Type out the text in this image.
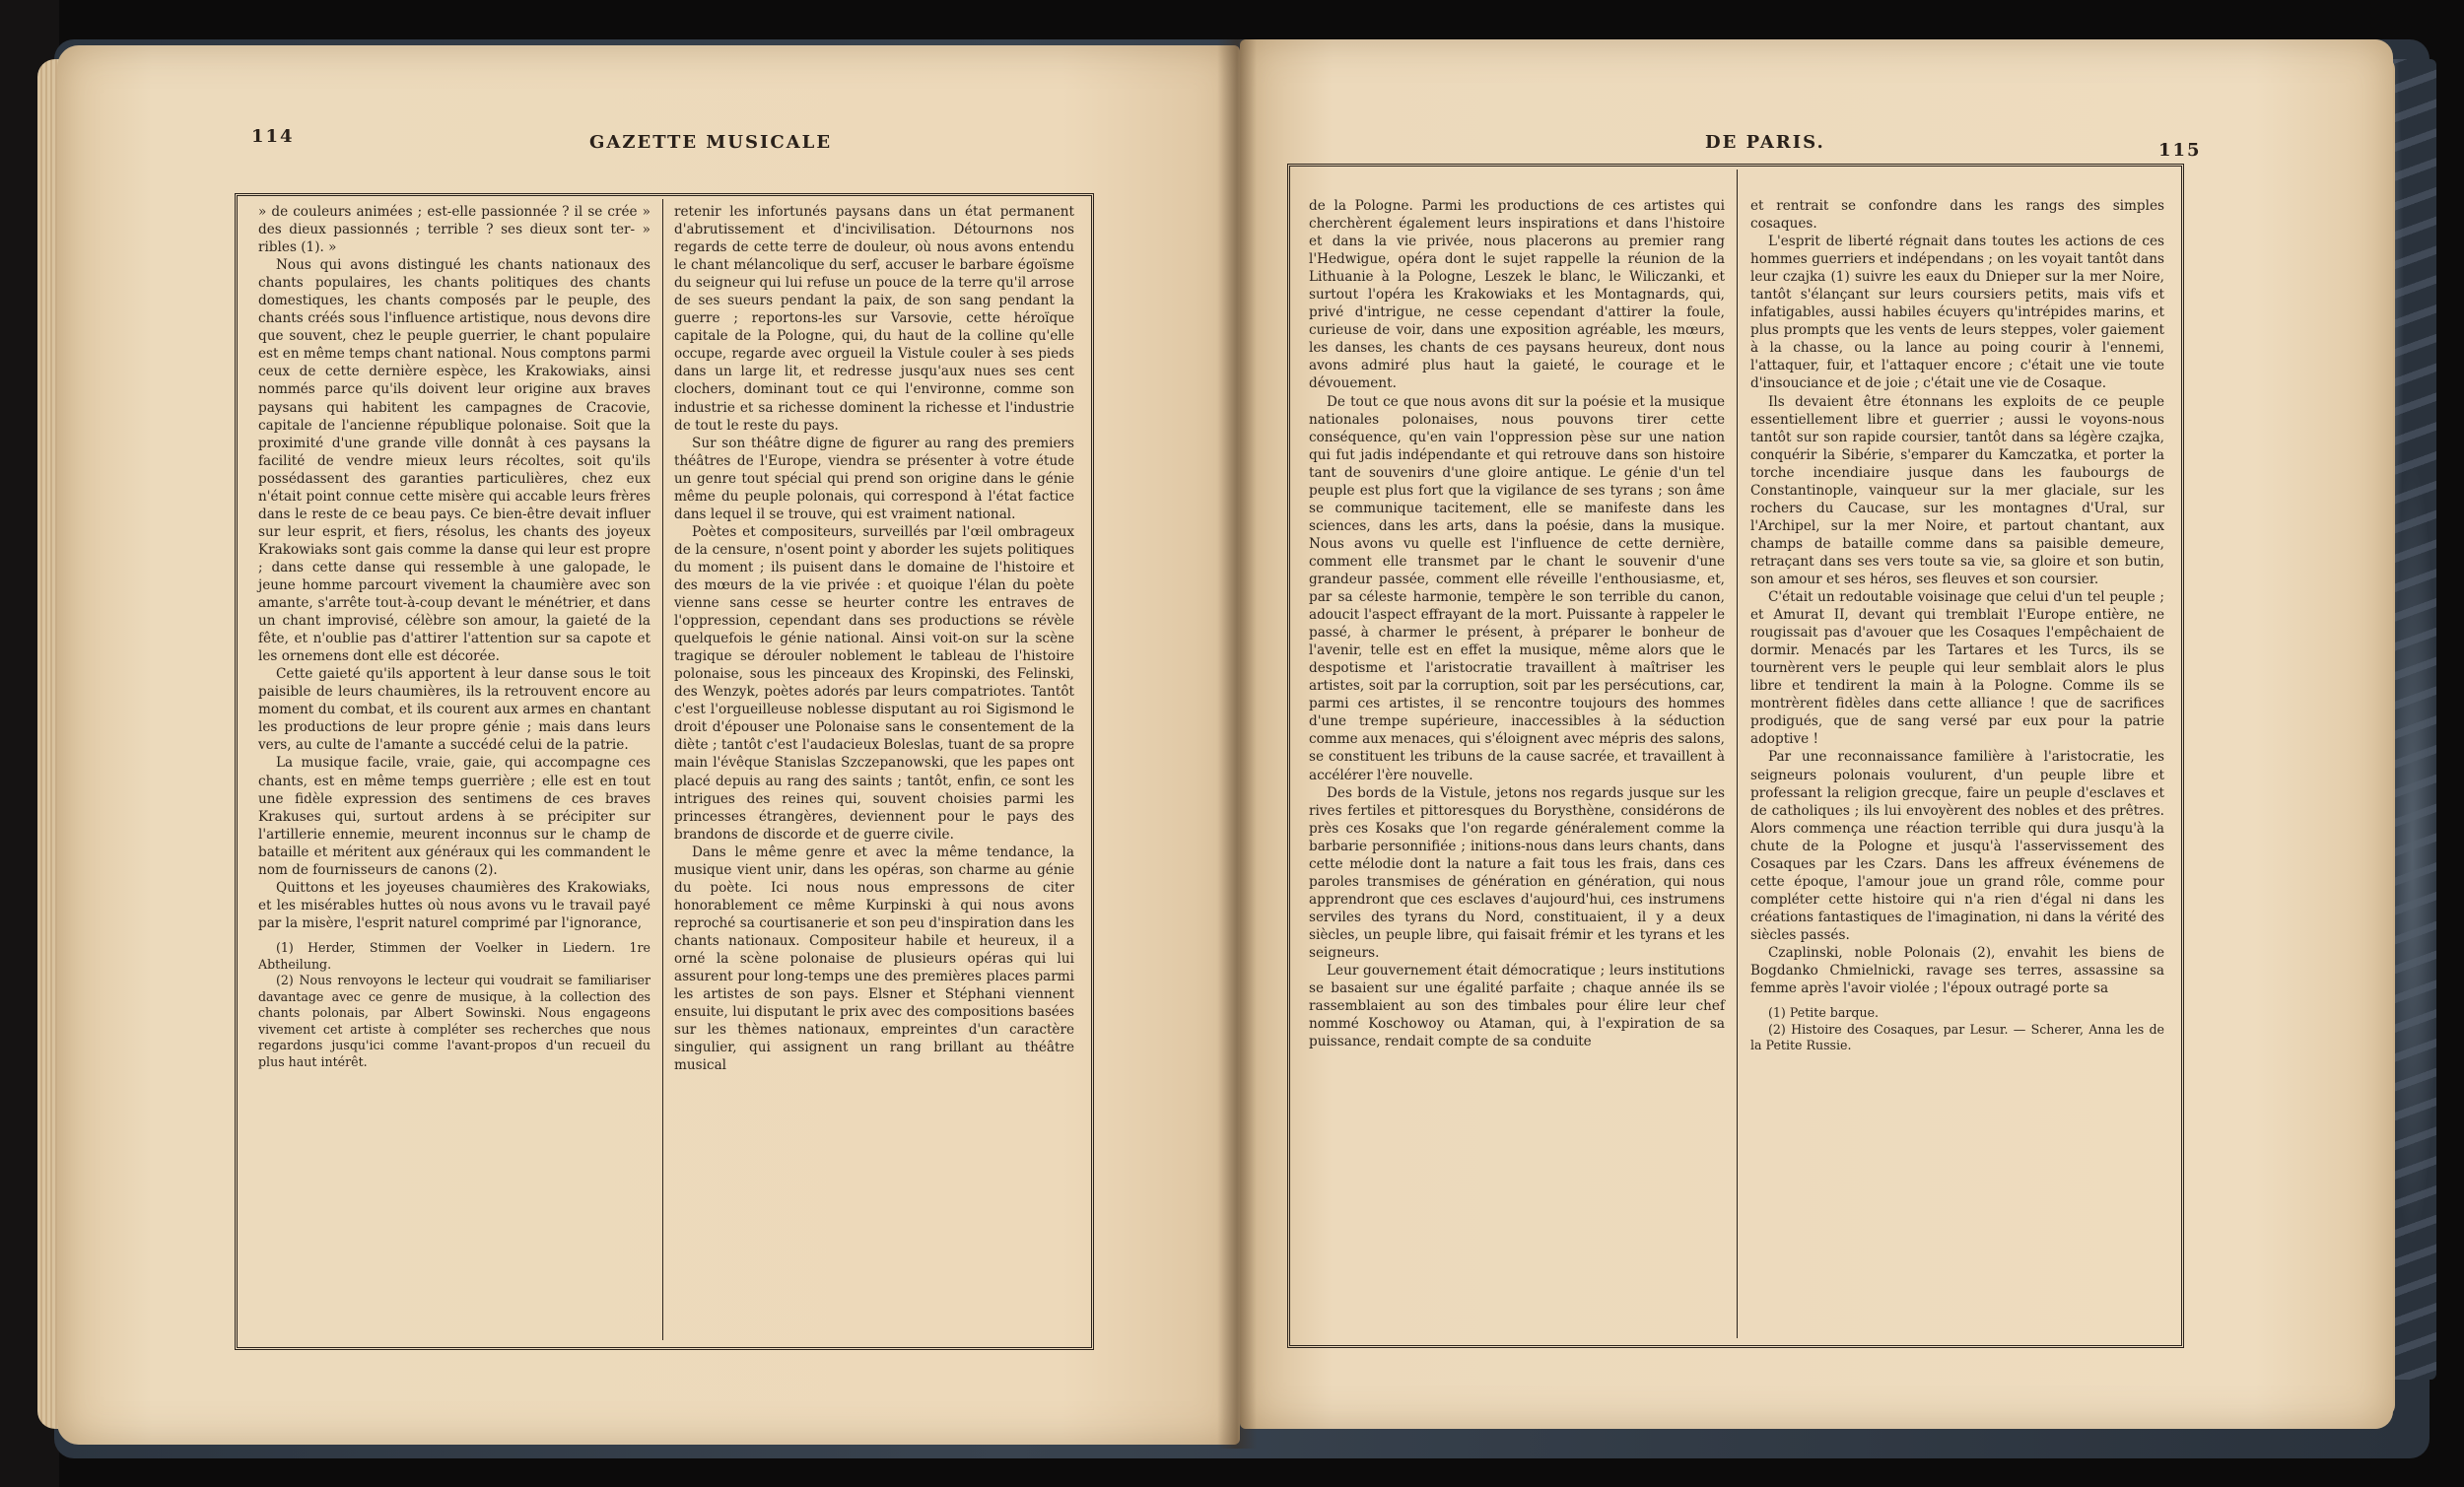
114	GAZETTE MUSICALE

» de couleurs animées ; est-elle passionnée ? il se crée » des dieux passionnés ; terrible ? ses dieux sont ter- » ribles (1). »

Nous qui avons distingué les chants nationaux des chants populaires, les chants politiques des chants domestiques, les chants composés par le peuple, des chants créés sous l'influence artistique, nous devons dire que souvent, chez le peuple guerrier, le chant populaire est en même temps chant national. Nous comptons parmi ceux de cette dernière espèce, les Krakowiaks, ainsi nommés parce qu'ils doivent leur origine aux braves paysans qui habitent les campagnes de Cracovie, capitale de l'ancienne république polonaise. Soit que la proximité d'une grande ville donnât à ces paysans la facilité de vendre mieux leurs récoltes, soit qu'ils possédassent des garanties particulières, chez eux n'était point connue cette misère qui accable leurs frères dans le reste de ce beau pays. Ce bien-être devait influer sur leur esprit, et fiers, résolus, les chants des joyeux Krakowiaks sont gais comme la danse qui leur est propre ; dans cette danse qui ressemble à une galopade, le jeune homme parcourt vivement la chaumière avec son amante, s'arrête tout-à-coup devant le ménétrier, et dans un chant improvisé, célèbre son amour, la gaieté de la fête, et n'oublie pas d'attirer l'attention sur sa capote et les ornemens dont elle est décorée.

Cette gaieté qu'ils apportent à leur danse sous le toit paisible de leurs chaumières, ils la retrouvent encore au moment du combat, et ils courent aux armes en chantant les productions de leur propre génie ; mais dans leurs vers, au culte de l'amante a succédé celui de la patrie.

La musique facile, vraie, gaie, qui accompagne ces chants, est en même temps guerrière ; elle est en tout une fidèle expression des sentimens de ces braves Krakuses qui, surtout ardens à se précipiter sur l'artillerie ennemie, meurent inconnus sur le champ de bataille et méritent aux généraux qui les commandent le nom de fournisseurs de canons (2).

Quittons et les joyeuses chaumières des Krakowiaks, et les misérables huttes où nous avons vu le travail payé par la misère, l'esprit naturel comprimé par l'ignorance,

(1) Herder, Stimmen der Voelker in Liedern. 1re Abtheilung.

(2) Nous renvoyons le lecteur qui voudrait se familiariser davantage avec ce genre de musique, à la collection des chants polonais, par Albert Sowinski. Nous engageons vivement cet artiste à compléter ses recherches que nous regardons jusqu'ici comme l'avant-propos d'un recueil du plus haut intérêt.

retenir les infortunés paysans dans un état permanent d'abrutissement et d'incivilisation. Détournons nos regards de cette terre de douleur, où nous avons entendu le chant mélancolique du serf, accuser le barbare égoïsme du seigneur qui lui refuse un pouce de la terre qu'il arrose de ses sueurs pendant la paix, de son sang pendant la guerre ; reportons-les sur Varsovie, cette héroïque capitale de la Pologne, qui, du haut de la colline qu'elle occupe, regarde avec orgueil la Vistule couler à ses pieds dans un large lit, et redresse jusqu'aux nues ses cent clochers, dominant tout ce qui l'environne, comme son industrie et sa richesse dominent la richesse et l'industrie de tout le reste du pays.

Sur son théâtre digne de figurer au rang des premiers théâtres de l'Europe, viendra se présenter à votre étude un genre tout spécial qui prend son origine dans le génie même du peuple polonais, qui correspond à l'état factice dans lequel il se trouve, qui est vraiment national.

Poètes et compositeurs, surveillés par l'œil ombrageux de la censure, n'osent point y aborder les sujets politiques du moment ; ils puisent dans le domaine de l'histoire et des mœurs de la vie privée : et quoique l'élan du poète vienne sans cesse se heurter contre les entraves de l'oppression, cependant dans ses productions se révèle quelquefois le génie national. Ainsi voit-on sur la scène tragique se dérouler noblement le tableau de l'histoire polonaise, sous les pinceaux des Kropinski, des Felinski, des Wenzyk, poètes adorés par leurs compatriotes. Tantôt c'est l'orgueilleuse noblesse disputant au roi Sigismond le droit d'épouser une Polonaise sans le consentement de la diète ; tantôt c'est l'audacieux Boleslas, tuant de sa propre main l'évêque Stanislas Szczepanowski, que les papes ont placé depuis au rang des saints ; tantôt, enfin, ce sont les intrigues des reines qui, souvent choisies parmi les princesses étrangères, deviennent pour le pays des brandons de discorde et de guerre civile.

Dans le même genre et avec la même tendance, la musique vient unir, dans les opéras, son charme au génie du poète. Ici nous nous empressons de citer honorablement ce même Kurpinski à qui nous avons reproché sa courtisanerie et son peu d'inspiration dans les chants nationaux. Compositeur habile et heureux, il a orné la scène polonaise de plusieurs opéras qui lui assurent pour long-temps une des premières places parmi les artistes de son pays. Elsner et Stéphani viennent ensuite, lui disputant le prix avec des compositions basées sur les thèmes nationaux, empreintes d'un caractère singulier, qui assignent un rang brillant au théâtre musical

DE PARIS.	115

de la Pologne. Parmi les productions de ces artistes qui cherchèrent également leurs inspirations et dans l'histoire et dans la vie privée, nous placerons au premier rang l'Hedwigue, opéra dont le sujet rappelle la réunion de la Lithuanie à la Pologne, Leszek le blanc, le Wiliczanki, et surtout l'opéra les Krakowiaks et les Montagnards, qui, privé d'intrigue, ne cesse cependant d'attirer la foule, curieuse de voir, dans une exposition agréable, les mœurs, les danses, les chants de ces paysans heureux, dont nous avons admiré plus haut la gaieté, le courage et le dévouement.

De tout ce que nous avons dit sur la poésie et la musique nationales polonaises, nous pouvons tirer cette conséquence, qu'en vain l'oppression pèse sur une nation qui fut jadis indépendante et qui retrouve dans son histoire tant de souvenirs d'une gloire antique. Le génie d'un tel peuple est plus fort que la vigilance de ses tyrans ; son âme se communique tacitement, elle se manifeste dans les sciences, dans les arts, dans la poésie, dans la musique. Nous avons vu quelle est l'influence de cette dernière, comment elle transmet par le chant le souvenir d'une grandeur passée, comment elle réveille l'enthousiasme, et, par sa céleste harmonie, tempère le son terrible du canon, adoucit l'aspect effrayant de la mort. Puissante à rappeler le passé, à charmer le présent, à préparer le bonheur de l'avenir, telle est en effet la musique, même alors que le despotisme et l'aristocratie travaillent à maîtriser les artistes, soit par la corruption, soit par les persécutions, car, parmi ces artistes, il se rencontre toujours des hommes d'une trempe supérieure, inaccessibles à la séduction comme aux menaces, qui s'éloignent avec mépris des salons, se constituent les tribuns de la cause sacrée, et travaillent à accélérer l'ère nouvelle.

Des bords de la Vistule, jetons nos regards jusque sur les rives fertiles et pittoresques du Borysthène, considérons de près ces Kosaks que l'on regarde généralement comme la barbarie personnifiée ; initions-nous dans leurs chants, dans cette mélodie dont la nature a fait tous les frais, dans ces paroles transmises de génération en génération, qui nous apprendront que ces esclaves d'aujourd'hui, ces instrumens serviles des tyrans du Nord, constituaient, il y a deux siècles, un peuple libre, qui faisait frémir et les tyrans et les seigneurs.

Leur gouvernement était démocratique ; leurs institutions se basaient sur une égalité parfaite ; chaque année ils se rassemblaient au son des timbales pour élire leur chef nommé Koschowoy ou Ataman, qui, à l'expiration de sa puissance, rendait compte de sa conduite

et rentrait se confondre dans les rangs des simples cosaques.

L'esprit de liberté régnait dans toutes les actions de ces hommes guerriers et indépendans ; on les voyait tantôt dans leur czajka (1) suivre les eaux du Dnieper sur la mer Noire, tantôt s'élançant sur leurs coursiers petits, mais vifs et infatigables, aussi habiles écuyers qu'intrépides marins, et plus prompts que les vents de leurs steppes, voler gaiement à la chasse, ou la lance au poing courir à l'ennemi, l'attaquer, fuir, et l'attaquer encore ; c'était une vie toute d'insouciance et de joie ; c'était une vie de Cosaque.

Ils devaient être étonnans les exploits de ce peuple essentiellement libre et guerrier ; aussi le voyons-nous tantôt sur son rapide coursier, tantôt dans sa légère czajka, conquérir la Sibérie, s'emparer du Kamczatka, et porter la torche incendiaire jusque dans les faubourgs de Constantinople, vainqueur sur la mer glaciale, sur les rochers du Caucase, sur les montagnes d'Ural, sur l'Archipel, sur la mer Noire, et partout chantant, aux champs de bataille comme dans sa paisible demeure, retraçant dans ses vers toute sa vie, sa gloire et son butin, son amour et ses héros, ses fleuves et son coursier.

C'était un redoutable voisinage que celui d'un tel peuple ; et Amurat II, devant qui tremblait l'Europe entière, ne rougissait pas d'avouer que les Cosaques l'empêchaient de dormir. Menacés par les Tartares et les Turcs, ils se tournèrent vers le peuple qui leur semblait alors le plus libre et tendirent la main à la Pologne. Comme ils se montrèrent fidèles dans cette alliance ! que de sacrifices prodigués, que de sang versé par eux pour la patrie adoptive !

Par une reconnaissance familière à l'aristocratie, les seigneurs polonais voulurent, d'un peuple libre et professant la religion grecque, faire un peuple d'esclaves et de catholiques ; ils lui envoyèrent des nobles et des prêtres. Alors commença une réaction terrible qui dura jusqu'à la chute de la Pologne et jusqu'à l'asservissement des Cosaques par les Czars. Dans les affreux événemens de cette époque, l'amour joue un grand rôle, comme pour compléter cette histoire qui n'a rien d'égal ni dans les créations fantastiques de l'imagination, ni dans la vérité des siècles passés.

Czaplinski, noble Polonais (2), envahit les biens de Bogdanko Chmielnicki, ravage ses terres, assassine sa femme après l'avoir violée ; l'époux outragé porte sa

(1) Petite barque.

(2) Histoire des Cosaques, par Lesur. — Scherer, Anna les de la Petite Russie.
